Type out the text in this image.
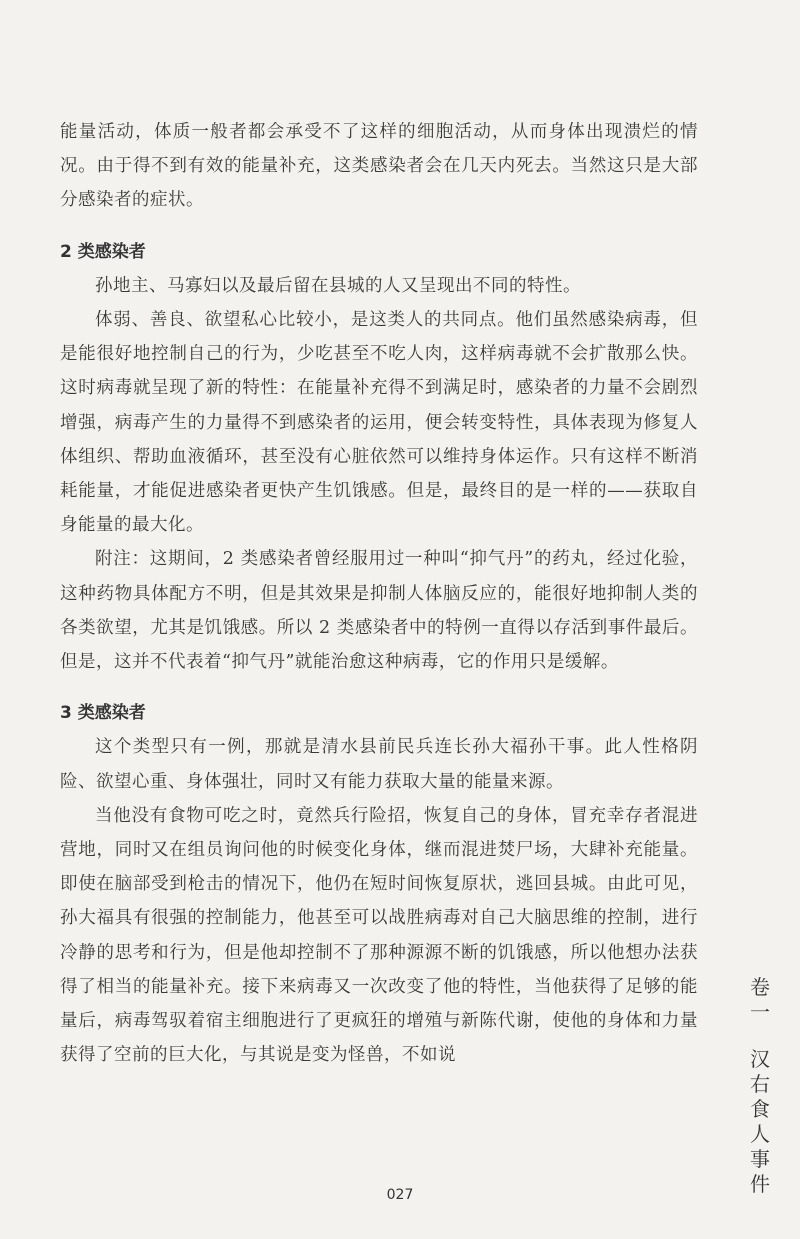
能量活动，体质一般者都会承受不了这样的细胞活动，从而身体出现溃烂的情况。由于得不到有效的能量补充，这类感染者会在几天内死去。当然这只是大部分感染者的症状。

2 类感染者

孙地主、马寡妇以及最后留在县城的人又呈现出不同的特性。

体弱、善良、欲望私心比较小，是这类人的共同点。他们虽然感染病毒，但是能很好地控制自己的行为，少吃甚至不吃人肉，这样病毒就不会扩散那么快。这时病毒就呈现了新的特性：在能量补充得不到满足时，感染者的力量不会剧烈增强，病毒产生的力量得不到感染者的运用，便会转变特性，具体表现为修复人体组织、帮助血液循环，甚至没有心脏依然可以维持身体运作。只有这样不断消耗能量，才能促进感染者更快产生饥饿感。但是，最终目的是一样的——获取自身能量的最大化。

附注：这期间，2 类感染者曾经服用过一种叫“抑气丹”的药丸，经过化验，这种药物具体配方不明，但是其效果是抑制人体脑反应的，能很好地抑制人类的各类欲望，尤其是饥饿感。所以 2 类感染者中的特例一直得以存活到事件最后。但是，这并不代表着“抑气丹”就能治愈这种病毒，它的作用只是缓解。

3 类感染者

这个类型只有一例，那就是清水县前民兵连长孙大福孙干事。此人性格阴险、欲望心重、身体强壮，同时又有能力获取大量的能量来源。

当他没有食物可吃之时，竟然兵行险招，恢复自己的身体，冒充幸存者混进营地，同时又在组员询问他的时候变化身体，继而混进焚尸场，大肆补充能量。即使在脑部受到枪击的情况下，他仍在短时间恢复原状，逃回县城。由此可见，孙大福具有很强的控制能力，他甚至可以战胜病毒对自己大脑思维的控制，进行冷静的思考和行为，但是他却控制不了那种源源不断的饥饿感，所以他想办法获得了相当的能量补充。接下来病毒又一次改变了他的特性，当他获得了足够的能量后，病毒驾驭着宿主细胞进行了更疯狂的增殖与新陈代谢，使他的身体和力量获得了空前的巨大化，与其说是变为怪兽，不如说

卷
一
汉
右
食
人
事
件
027
